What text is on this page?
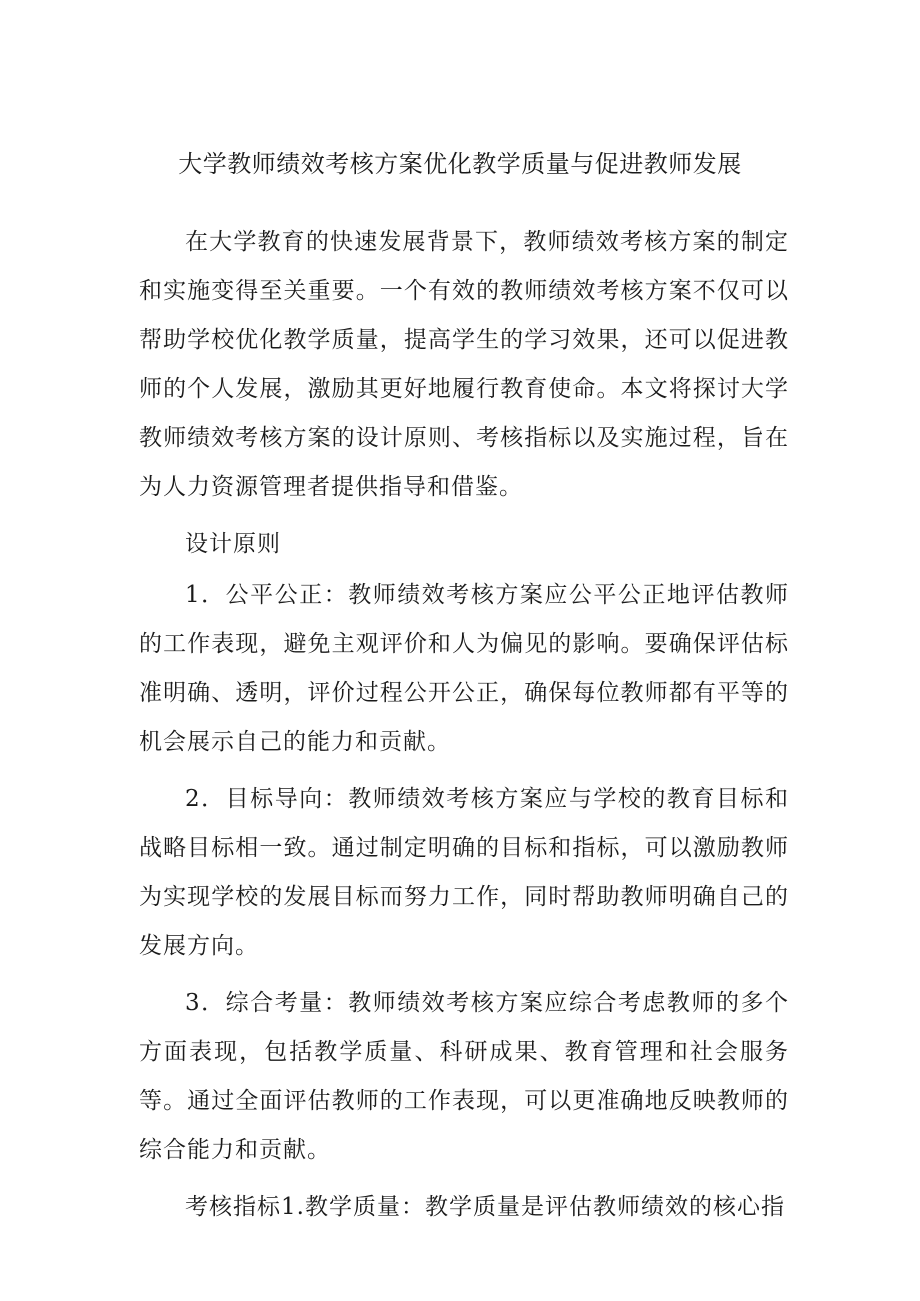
大学教师绩效考核方案优化教学质量与促进教师发展

在大学教育的快速发展背景下，教师绩效考核方案的制定和实施变得至关重要。一个有效的教师绩效考核方案不仅可以帮助学校优化教学质量，提高学生的学习效果，还可以促进教师的个人发展，激励其更好地履行教育使命。本文将探讨大学教师绩效考核方案的设计原则、考核指标以及实施过程，旨在为人力资源管理者提供指导和借鉴。

设计原则

1．公平公正：教师绩效考核方案应公平公正地评估教师的工作表现，避免主观评价和人为偏见的影响。要确保评估标准明确、透明，评价过程公开公正，确保每位教师都有平等的机会展示自己的能力和贡献。

2．目标导向：教师绩效考核方案应与学校的教育目标和战略目标相一致。通过制定明确的目标和指标，可以激励教师为实现学校的发展目标而努力工作，同时帮助教师明确自己的发展方向。

3．综合考量：教师绩效考核方案应综合考虑教师的多个方面表现，包括教学质量、科研成果、教育管理和社会服务等。通过全面评估教师的工作表现，可以更准确地反映教师的综合能力和贡献。

考核指标1.教学质量：教学质量是评估教师绩效的核心指
